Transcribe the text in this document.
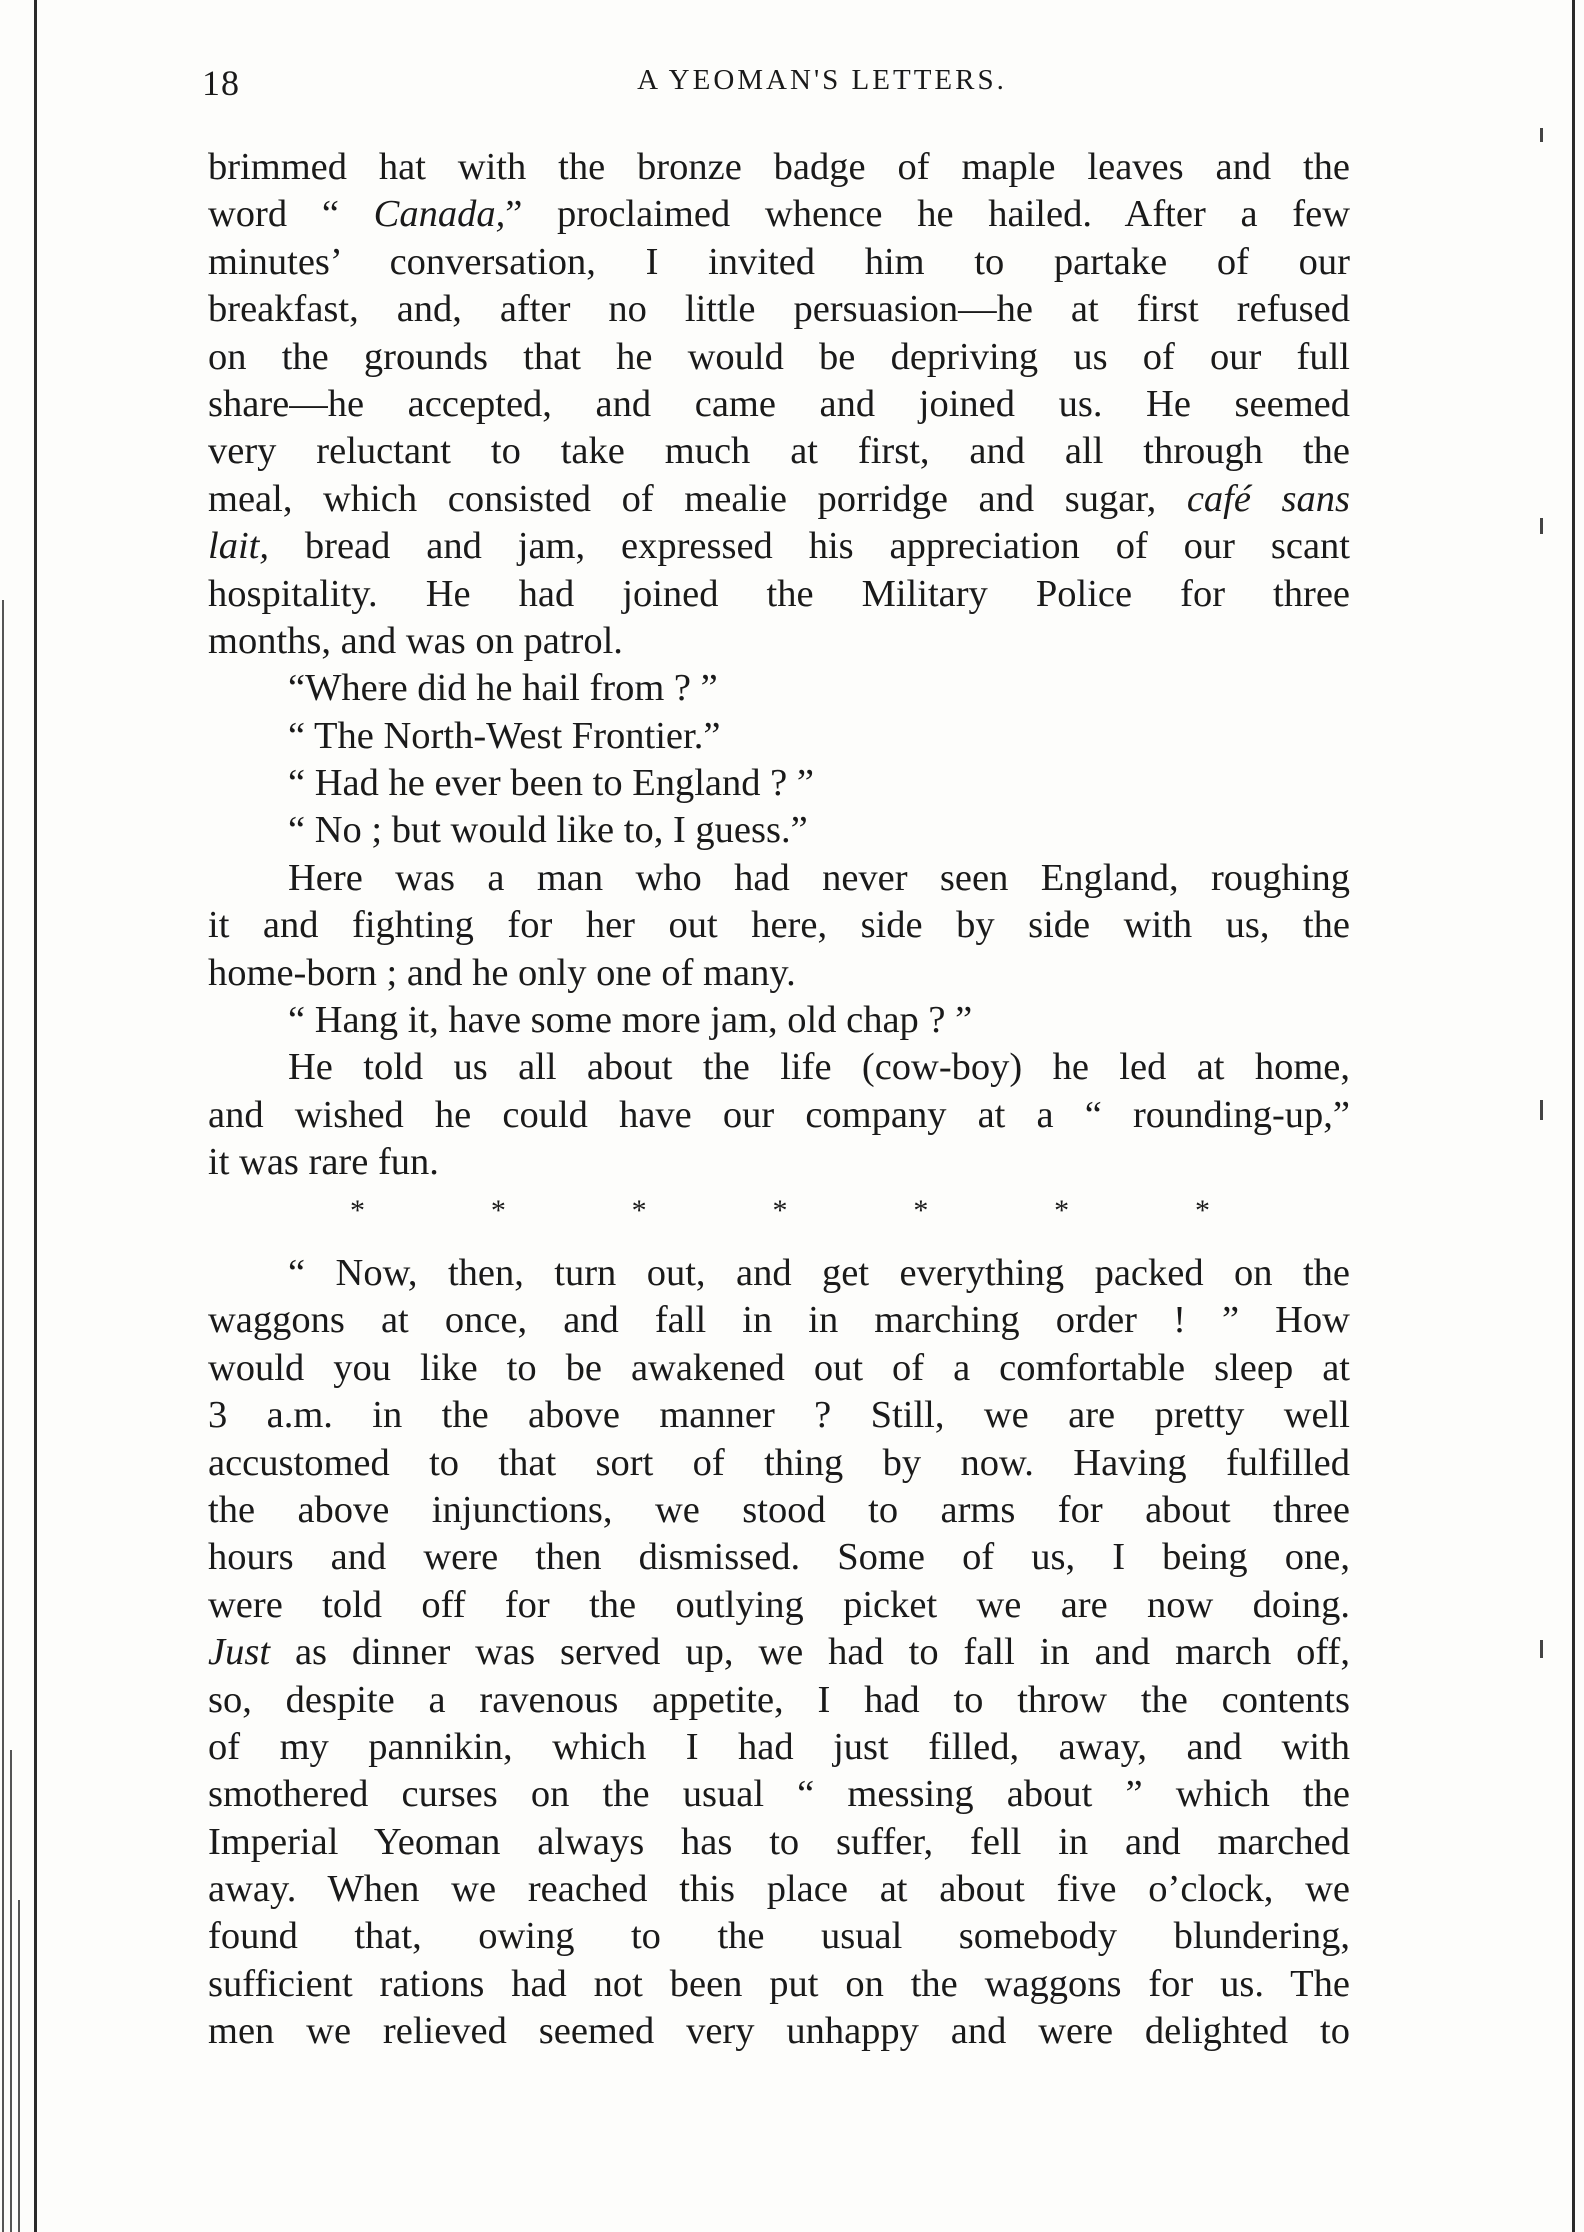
18	A YEOMAN'S LETTERS.
brimmed hat with the bronze badge of maple leaves and the
word “ Canada,” proclaimed whence he hailed. After a few
minutes’ conversation, I invited him to partake of our
breakfast, and, after no little persuasion—he at first refused
on the grounds that he would be depriving us of our full
share—he accepted, and came and joined us. He seemed
very reluctant to take much at first, and all through the
meal, which consisted of mealie porridge and sugar, café sans
lait, bread and jam, expressed his appreciation of our scant
hospitality. He had joined the Military Police for three
months, and was on patrol.
“Where did he hail from ? ”
“ The North-West Frontier.”
“ Had he ever been to England ? ”
“ No ; but would like to, I guess.”
Here was a man who had never seen England, roughing
it and fighting for her out here, side by side with us, the
home-born ; and he only one of many.
“ Hang it, have some more jam, old chap ? ”
He told us all about the life (cow-boy) he led at home,
and wished he could have our company at a “ rounding-up,”
it was rare fun.
*	*	*	*	*	*	*
“ Now, then, turn out, and get everything packed on the
waggons at once, and fall in in marching order ! ” How
would you like to be awakened out of a comfortable sleep at
3 a.m. in the above manner ? Still, we are pretty well
accustomed to that sort of thing by now. Having fulfilled
the above injunctions, we stood to arms for about three
hours and were then dismissed. Some of us, I being one,
were told off for the outlying picket we are now doing.
Just as dinner was served up, we had to fall in and march off,
so, despite a ravenous appetite, I had to throw the contents
of my pannikin, which I had just filled, away, and with
smothered curses on the usual “ messing about ” which the
Imperial Yeoman always has to suffer, fell in and marched
away. When we reached this place at about five o’clock, we
found that, owing to the usual somebody blundering,
sufficient rations had not been put on the waggons for us. The
men we relieved seemed very unhappy and were delighted to
